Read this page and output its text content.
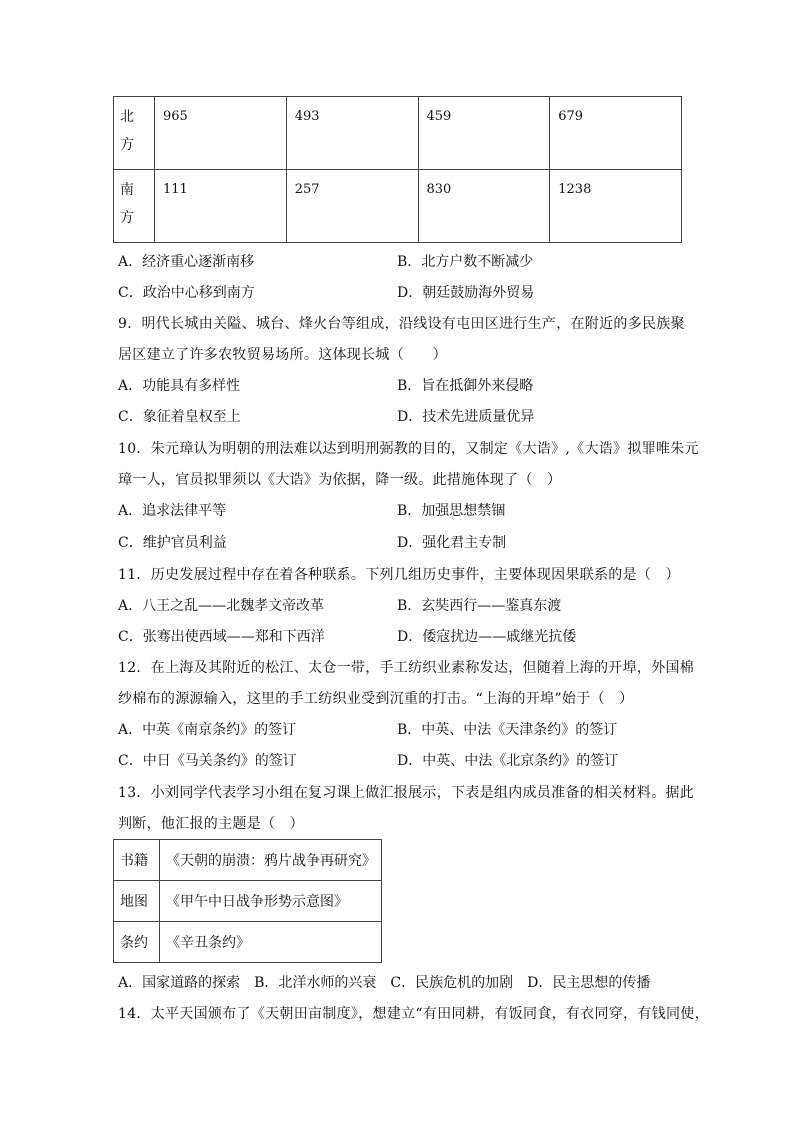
北
方	965	493	459	679
南
方	111	257	830	1238
A．经济重心逐渐南移	B．北方户数不断减少
C．政治中心移到南方	D．朝廷鼓励海外贸易
9．明代长城由关隘、城台、烽火台等组成，沿线设有屯田区进行生产，在附近的多民族聚
居区建立了许多农牧贸易场所。这体现长城（　　）
A．功能具有多样性	B．旨在抵御外来侵略
C．象征着皇权至上	D．技术先进质量优异
10．朱元璋认为明朝的刑法难以达到明刑弼教的目的，又制定《大诰》,《大诰》拟罪唯朱元
璋一人，官员拟罪须以《大诰》为依据，降一级。此措施体现了（　）
A．追求法律平等	B．加强思想禁锢
C．维护官员利益	D．强化君主专制
11．历史发展过程中存在着各种联系。下列几组历史事件，主要体现因果联系的是（　）
A．八王之乱——北魏孝文帝改革	B．玄奘西行——鉴真东渡
C．张骞出使西域——郑和下西洋	D．倭寇扰边——戚继光抗倭
12．在上海及其附近的松江、太仓一带，手工纺织业素称发达，但随着上海的开埠，外国棉
纱棉布的源源输入，这里的手工纺织业受到沉重的打击。“上海的开埠”始于（　）
A．中英《南京条约》的签订	B．中英、中法《天津条约》的签订
C．中日《马关条约》的签订	D．中英、中法《北京条约》的签订
13．小刘同学代表学习小组在复习课上做汇报展示，下表是组内成员准备的相关材料。据此
判断，他汇报的主题是（　）
书籍	《天朝的崩溃：鸦片战争再研究》
地图	《甲午中日战争形势示意图》
条约	《辛丑条约》
A．国家道路的探索　B．北洋水师的兴衰　C．民族危机的加剧　D．民主思想的传播
14．太平天国颁布了《天朝田亩制度》，想建立“有田同耕，有饭同食，有衣同穿，有钱同使，
